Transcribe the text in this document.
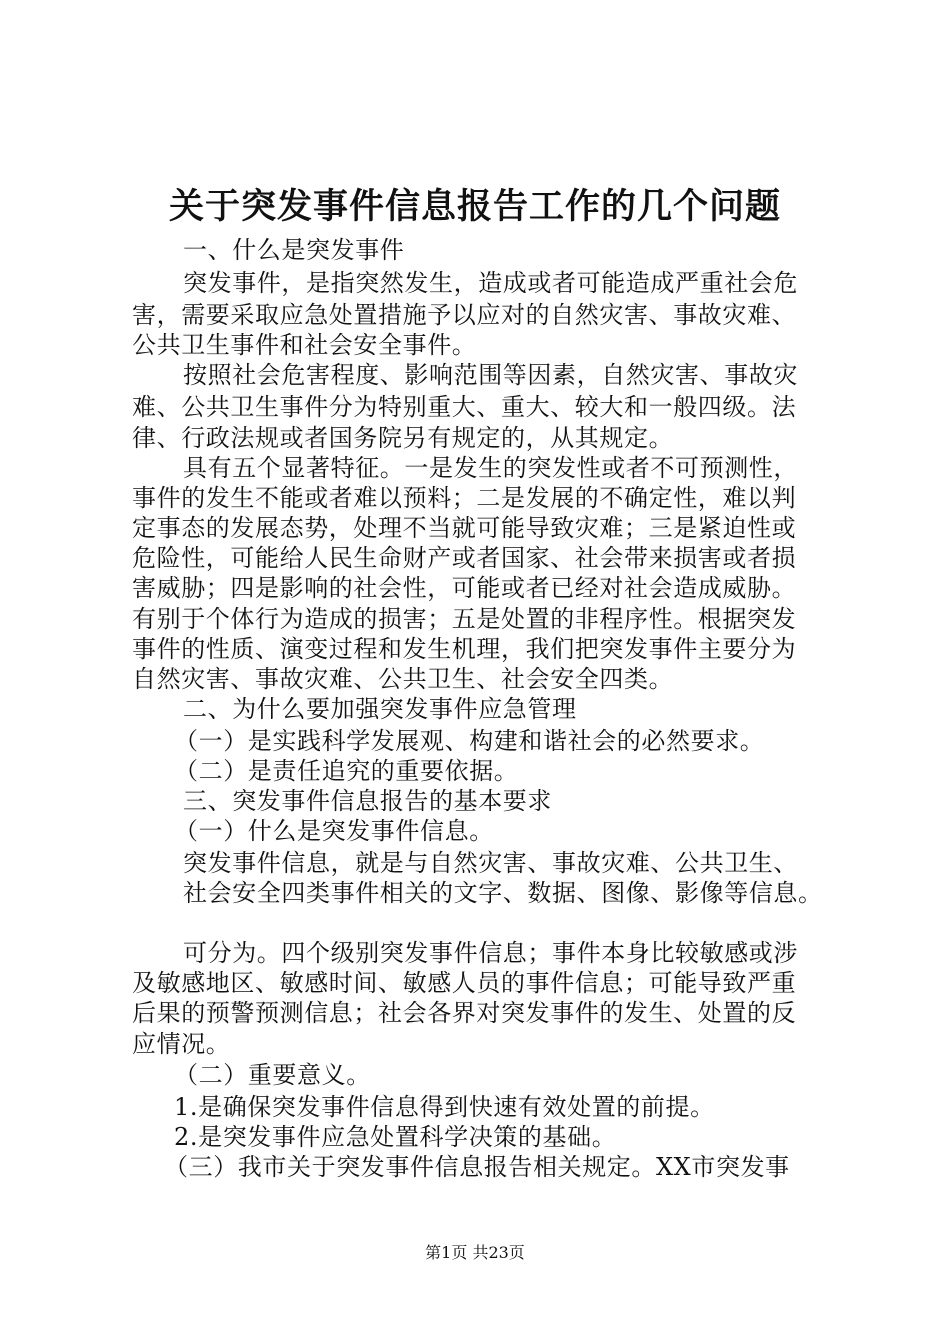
关于突发事件信息报告工作的几个问题
一、什么是突发事件
突发事件，是指突然发生，造成或者可能造成严重社会危
害，需要采取应急处置措施予以应对的自然灾害、事故灾难、
公共卫生事件和社会安全事件。
按照社会危害程度、影响范围等因素，自然灾害、事故灾
难、公共卫生事件分为特别重大、重大、较大和一般四级。法
律、行政法规或者国务院另有规定的，从其规定。
具有五个显著特征。一是发生的突发性或者不可预测性，
事件的发生不能或者难以预料；二是发展的不确定性，难以判
定事态的发展态势，处理不当就可能导致灾难；三是紧迫性或
危险性，可能给人民生命财产或者国家、社会带来损害或者损
害威胁；四是影响的社会性，可能或者已经对社会造成威胁。
有别于个体行为造成的损害；五是处置的非程序性。根据突发
事件的性质、演变过程和发生机理，我们把突发事件主要分为
自然灾害、事故灾难、公共卫生、社会安全四类。
二、为什么要加强突发事件应急管理
（一）是实践科学发展观、构建和谐社会的必然要求。
（二）是责任追究的重要依据。
三、突发事件信息报告的基本要求
（一）什么是突发事件信息。
突发事件信息，就是与自然灾害、事故灾难、公共卫生、
社会安全四类事件相关的文字、数据、图像、影像等信息。
可分为。四个级别突发事件信息；事件本身比较敏感或涉
及敏感地区、敏感时间、敏感人员的事件信息；可能导致严重
后果的预警预测信息；社会各界对突发事件的发生、处置的反
应情况。
（二）重要意义。
1.是确保突发事件信息得到快速有效处置的前提。
2.是突发事件应急处置科学决策的基础。
（三）我市关于突发事件信息报告相关规定。XX市突发事
第1页 共23页
